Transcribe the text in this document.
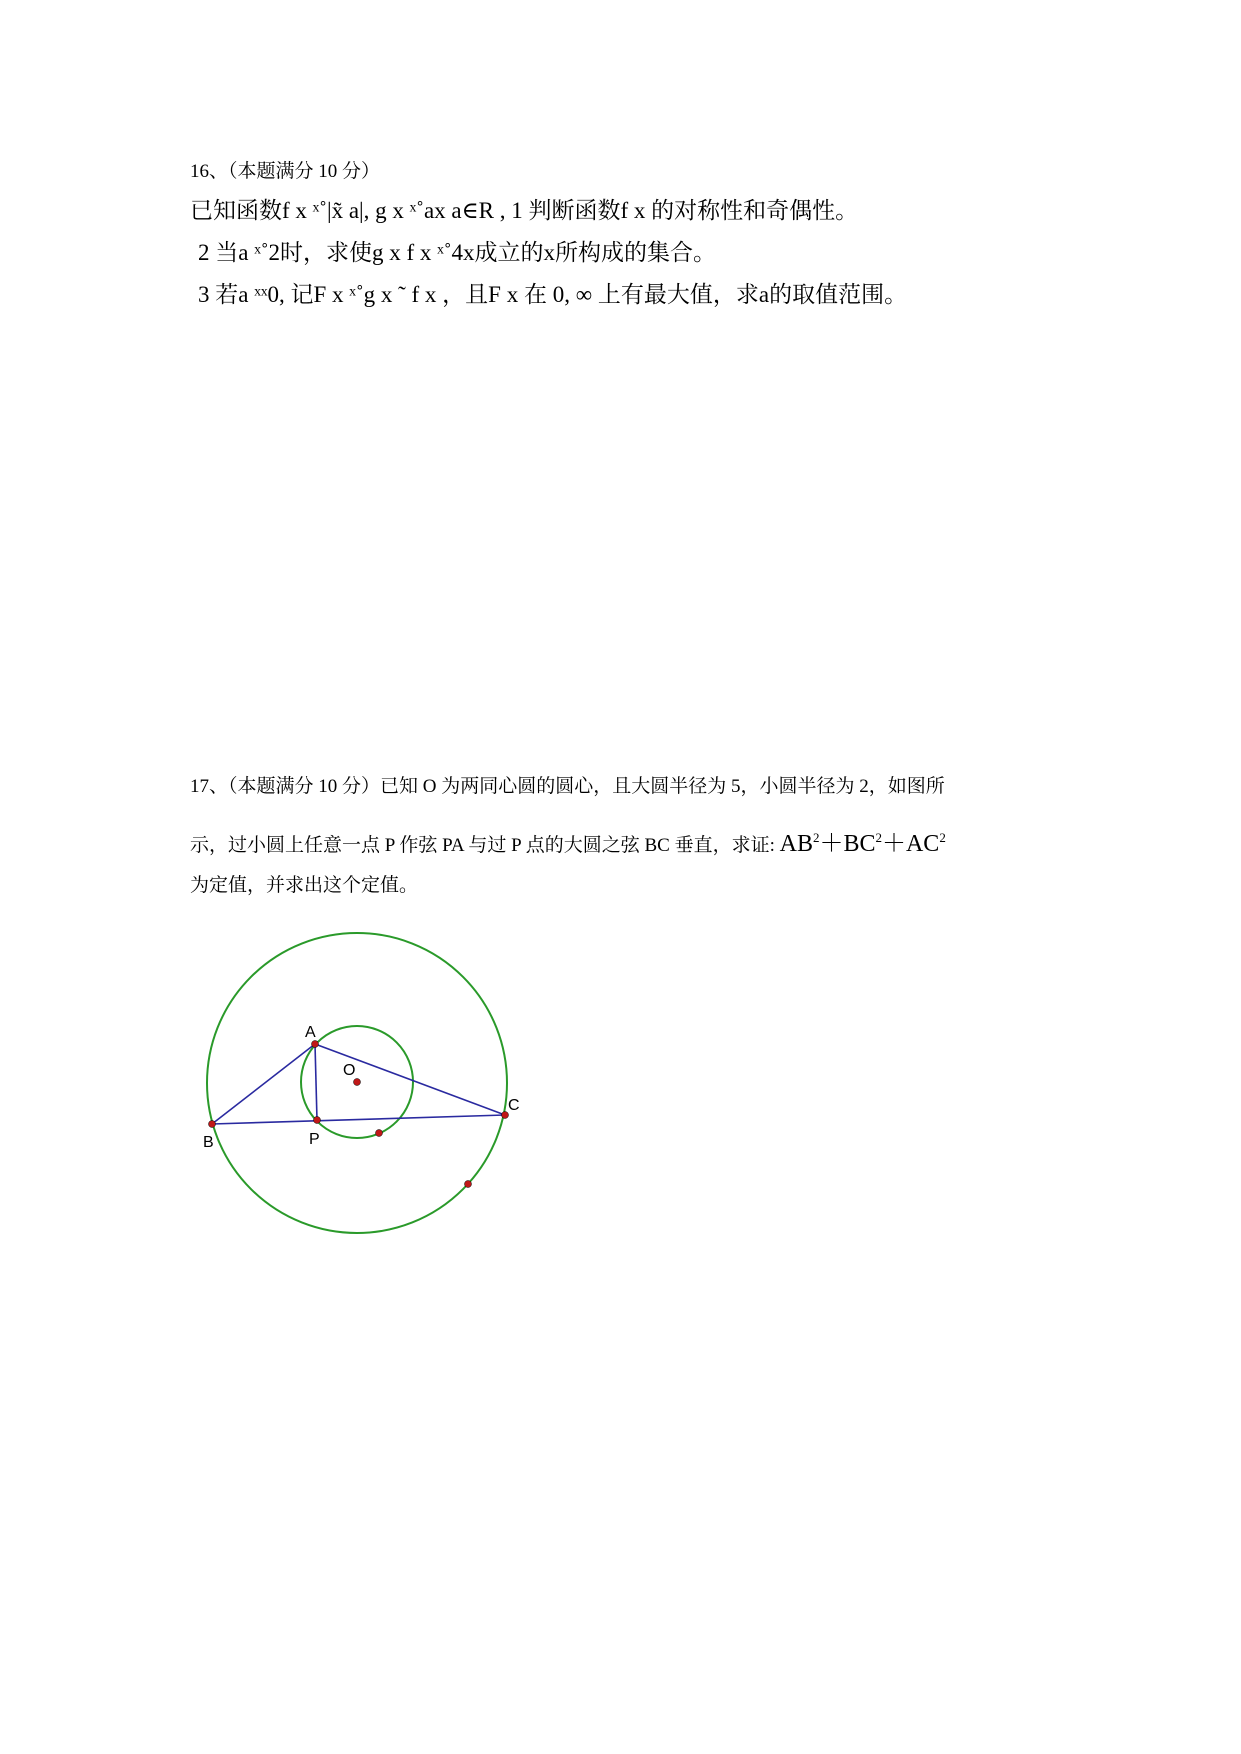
16、（本题满分 10 分）
已知函数f x ˣ˚|x̃ a|, g x ˣ˚ax a∈R , 1 判断函数f x 的对称性和奇偶性。
2 当a ˣ˚2时，求使g x f x ˣ˚4x成立的x所构成的集合。
3 若a ˣˣ0, 记F x ˣ˚g x ˜ f x ，且F x 在 0, ∞ 上有最大值，求a的取值范围。
17、（本题满分 10 分）已知 O 为两同心圆的圆心，且大圆半径为 5，小圆半径为 2，如图所
示，过小圆上任意一点 P 作弦 PA 与过 P 点的大圆之弦 BC 垂直，求证: $AB^2+BC^2+AC^2$
为定值，并求出这个定值。
A
O
C
B	P
